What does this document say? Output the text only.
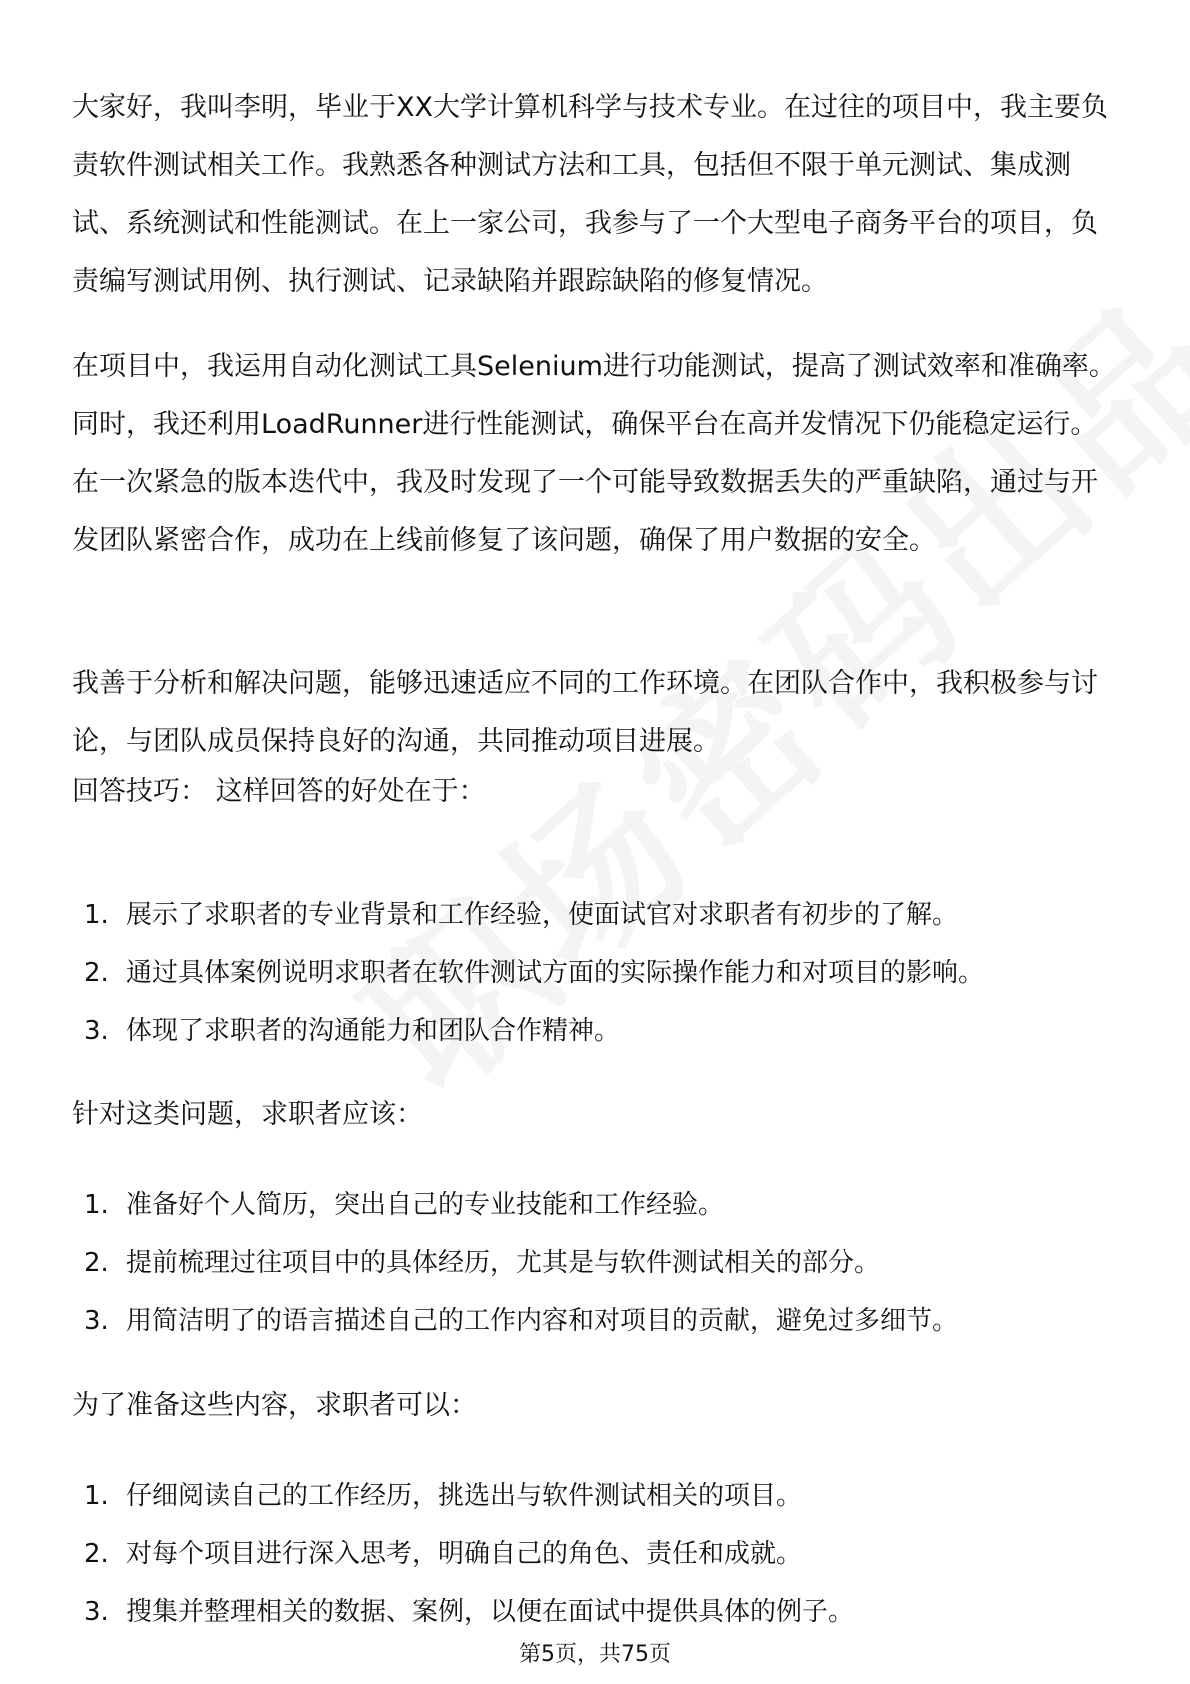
大家好，我叫李明，毕业于XX大学计算机科学与技术专业。在过往的项目中，我主要负责软件测试相关工作。我熟悉各种测试方法和工具，包括但不限于单元测试、集成测试、系统测试和性能测试。在上一家公司，我参与了一个大型电子商务平台的项目，负责编写测试用例、执行测试、记录缺陷并跟踪缺陷的修复情况。

在项目中，我运用自动化测试工具Selenium进行功能测试，提高了测试效率和准确率。同时，我还利用LoadRunner进行性能测试，确保平台在高并发情况下仍能稳定运行。在一次紧急的版本迭代中，我及时发现了一个可能导致数据丢失的严重缺陷，通过与开发团队紧密合作，成功在上线前修复了该问题，确保了用户数据的安全。

我善于分析和解决问题，能够迅速适应不同的工作环境。在团队合作中，我积极参与讨论，与团队成员保持良好的沟通，共同推动项目进展。

回答技巧： 这样回答的好处在于：

1. 展示了求职者的专业背景和工作经验，使面试官对求职者有初步的了解。
2. 通过具体案例说明求职者在软件测试方面的实际操作能力和对项目的影响。
3. 体现了求职者的沟通能力和团队合作精神。

针对这类问题，求职者应该：

1. 准备好个人简历，突出自己的专业技能和工作经验。
2. 提前梳理过往项目中的具体经历，尤其是与软件测试相关的部分。
3. 用简洁明了的语言描述自己的工作内容和对项目的贡献，避免过多细节。

为了准备这些内容，求职者可以：

1. 仔细阅读自己的工作经历，挑选出与软件测试相关的项目。
2. 对每个项目进行深入思考，明确自己的角色、责任和成就。
3. 搜集并整理相关的数据、案例，以便在面试中提供具体的例子。
第5页，共75页
